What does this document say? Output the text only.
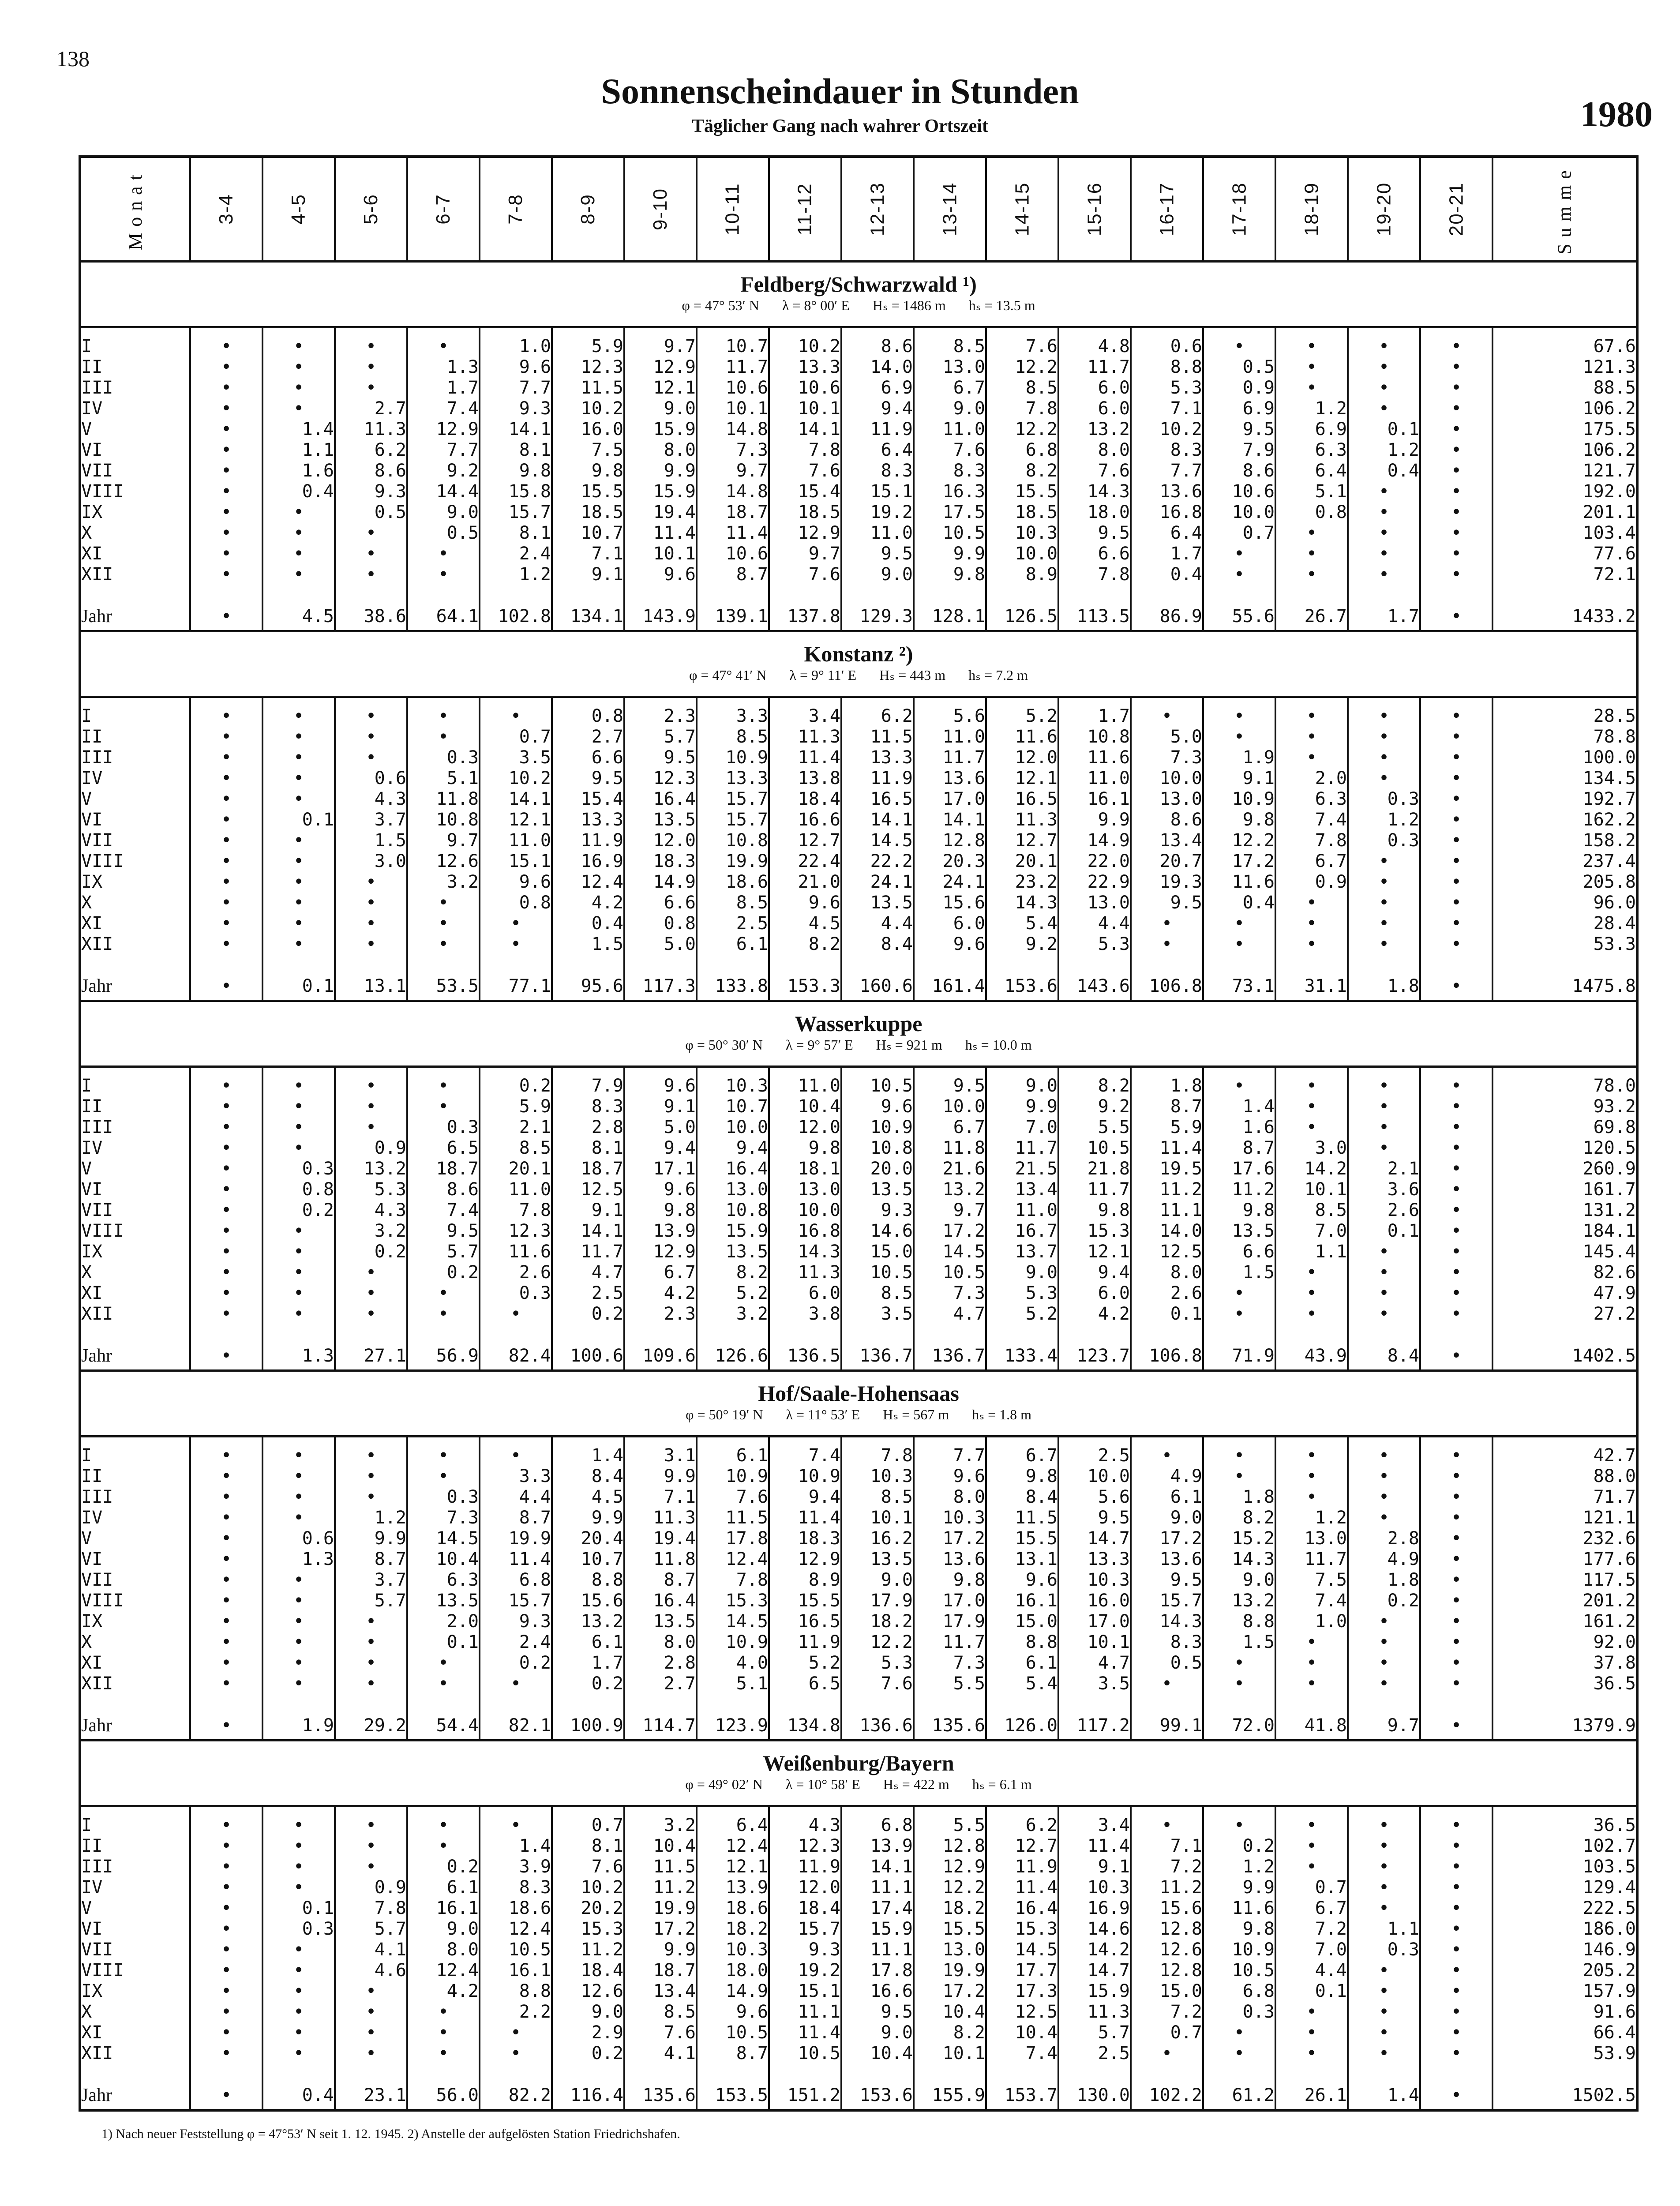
138
Sonnenscheindauer in Stunden
Täglicher Gang nach wahrer Ortszeit	1980
Monat	3-4	4-5	5-6	6-7	7-8	8-9	9-10	10-11	11-12	12-13	13-14	14-15	15-16	16-17	17-18	18-19	19-20	20-21	Summe
Feldberg/Schwarzwald ¹)																			
φ = 47° 53′ N λ = 8° 00′ E Hₛ = 1486 m hₛ = 13.5 m																			

I	•	•	•	•	1.0	5.9	9.7	10.7	10.2	8.6	8.5	7.6	4.8	0.6	•	•	•	•	67.6
II	•	•	•	1.3	9.6	12.3	12.9	11.7	13.3	14.0	13.0	12.2	11.7	8.8	0.5	•	•	•	121.3
III	•	•	•	1.7	7.7	11.5	12.1	10.6	10.6	6.9	6.7	8.5	6.0	5.3	0.9	•	•	•	88.5
IV	•	•	2.7	7.4	9.3	10.2	9.0	10.1	10.1	9.4	9.0	7.8	6.0	7.1	6.9	1.2	•	•	106.2
V	•	1.4	11.3	12.9	14.1	16.0	15.9	14.8	14.1	11.9	11.0	12.2	13.2	10.2	9.5	6.9	0.1	•	175.5
VI	•	1.1	6.2	7.7	8.1	7.5	8.0	7.3	7.8	6.4	7.6	6.8	8.0	8.3	7.9	6.3	1.2	•	106.2
VII	•	1.6	8.6	9.2	9.8	9.8	9.9	9.7	7.6	8.3	8.3	8.2	7.6	7.7	8.6	6.4	0.4	•	121.7
VIII	•	0.4	9.3	14.4	15.8	15.5	15.9	14.8	15.4	15.1	16.3	15.5	14.3	13.6	10.6	5.1	•	•	192.0
IX	•	•	0.5	9.0	15.7	18.5	19.4	18.7	18.5	19.2	17.5	18.5	18.0	16.8	10.0	0.8	•	•	201.1
X	•	•	•	0.5	8.1	10.7	11.4	11.4	12.9	11.0	10.5	10.3	9.5	6.4	0.7	•	•	•	103.4
XI	•	•	•	•	2.4	7.1	10.1	10.6	9.7	9.5	9.9	10.0	6.6	1.7	•	•	•	•	77.6
XII	•	•	•	•	1.2	9.1	9.6	8.7	7.6	9.0	9.8	8.9	7.8	0.4	•	•	•	•	72.1

Jahr	•	4.5	38.6	64.1	102.8	134.1	143.9	139.1	137.8	129.3	128.1	126.5	113.5	86.9	55.6	26.7	1.7	•	1433.2
Konstanz ²)																			
φ = 47° 41′ N λ = 9° 11′ E Hₛ = 443 m hₛ = 7.2 m																			

I	•	•	•	•	•	0.8	2.3	3.3	3.4	6.2	5.6	5.2	1.7	•	•	•	•	•	28.5
II	•	•	•	•	0.7	2.7	5.7	8.5	11.3	11.5	11.0	11.6	10.8	5.0	•	•	•	•	78.8
III	•	•	•	0.3	3.5	6.6	9.5	10.9	11.4	13.3	11.7	12.0	11.6	7.3	1.9	•	•	•	100.0
IV	•	•	0.6	5.1	10.2	9.5	12.3	13.3	13.8	11.9	13.6	12.1	11.0	10.0	9.1	2.0	•	•	134.5
V	•	•	4.3	11.8	14.1	15.4	16.4	15.7	18.4	16.5	17.0	16.5	16.1	13.0	10.9	6.3	0.3	•	192.7
VI	•	0.1	3.7	10.8	12.1	13.3	13.5	15.7	16.6	14.1	14.1	11.3	9.9	8.6	9.8	7.4	1.2	•	162.2
VII	•	•	1.5	9.7	11.0	11.9	12.0	10.8	12.7	14.5	12.8	12.7	14.9	13.4	12.2	7.8	0.3	•	158.2
VIII	•	•	3.0	12.6	15.1	16.9	18.3	19.9	22.4	22.2	20.3	20.1	22.0	20.7	17.2	6.7	•	•	237.4
IX	•	•	•	3.2	9.6	12.4	14.9	18.6	21.0	24.1	24.1	23.2	22.9	19.3	11.6	0.9	•	•	205.8
X	•	•	•	•	0.8	4.2	6.6	8.5	9.6	13.5	15.6	14.3	13.0	9.5	0.4	•	•	•	96.0
XI	•	•	•	•	•	0.4	0.8	2.5	4.5	4.4	6.0	5.4	4.4	•	•	•	•	•	28.4
XII	•	•	•	•	•	1.5	5.0	6.1	8.2	8.4	9.6	9.2	5.3	•	•	•	•	•	53.3

Jahr	•	0.1	13.1	53.5	77.1	95.6	117.3	133.8	153.3	160.6	161.4	153.6	143.6	106.8	73.1	31.1	1.8	•	1475.8
Wasserkuppe																			
φ = 50° 30′ N λ = 9° 57′ E Hₛ = 921 m hₛ = 10.0 m																			

I	•	•	•	•	0.2	7.9	9.6	10.3	11.0	10.5	9.5	9.0	8.2	1.8	•	•	•	•	78.0
II	•	•	•	•	5.9	8.3	9.1	10.7	10.4	9.6	10.0	9.9	9.2	8.7	1.4	•	•	•	93.2
III	•	•	•	0.3	2.1	2.8	5.0	10.0	12.0	10.9	6.7	7.0	5.5	5.9	1.6	•	•	•	69.8
IV	•	•	0.9	6.5	8.5	8.1	9.4	9.4	9.8	10.8	11.8	11.7	10.5	11.4	8.7	3.0	•	•	120.5
V	•	0.3	13.2	18.7	20.1	18.7	17.1	16.4	18.1	20.0	21.6	21.5	21.8	19.5	17.6	14.2	2.1	•	260.9
VI	•	0.8	5.3	8.6	11.0	12.5	9.6	13.0	13.0	13.5	13.2	13.4	11.7	11.2	11.2	10.1	3.6	•	161.7
VII	•	0.2	4.3	7.4	7.8	9.1	9.8	10.8	10.0	9.3	9.7	11.0	9.8	11.1	9.8	8.5	2.6	•	131.2
VIII	•	•	3.2	9.5	12.3	14.1	13.9	15.9	16.8	14.6	17.2	16.7	15.3	14.0	13.5	7.0	0.1	•	184.1
IX	•	•	0.2	5.7	11.6	11.7	12.9	13.5	14.3	15.0	14.5	13.7	12.1	12.5	6.6	1.1	•	•	145.4
X	•	•	•	0.2	2.6	4.7	6.7	8.2	11.3	10.5	10.5	9.0	9.4	8.0	1.5	•	•	•	82.6
XI	•	•	•	•	0.3	2.5	4.2	5.2	6.0	8.5	7.3	5.3	6.0	2.6	•	•	•	•	47.9
XII	•	•	•	•	•	0.2	2.3	3.2	3.8	3.5	4.7	5.2	4.2	0.1	•	•	•	•	27.2

Jahr	•	1.3	27.1	56.9	82.4	100.6	109.6	126.6	136.5	136.7	136.7	133.4	123.7	106.8	71.9	43.9	8.4	•	1402.5
Hof/Saale-Hohensaas																			
φ = 50° 19′ N λ = 11° 53′ E Hₛ = 567 m hₛ = 1.8 m																			

I	•	•	•	•	•	1.4	3.1	6.1	7.4	7.8	7.7	6.7	2.5	•	•	•	•	•	42.7
II	•	•	•	•	3.3	8.4	9.9	10.9	10.9	10.3	9.6	9.8	10.0	4.9	•	•	•	•	88.0
III	•	•	•	0.3	4.4	4.5	7.1	7.6	9.4	8.5	8.0	8.4	5.6	6.1	1.8	•	•	•	71.7
IV	•	•	1.2	7.3	8.7	9.9	11.3	11.5	11.4	10.1	10.3	11.5	9.5	9.0	8.2	1.2	•	•	121.1
V	•	0.6	9.9	14.5	19.9	20.4	19.4	17.8	18.3	16.2	17.2	15.5	14.7	17.2	15.2	13.0	2.8	•	232.6
VI	•	1.3	8.7	10.4	11.4	10.7	11.8	12.4	12.9	13.5	13.6	13.1	13.3	13.6	14.3	11.7	4.9	•	177.6
VII	•	•	3.7	6.3	6.8	8.8	8.7	7.8	8.9	9.0	9.8	9.6	10.3	9.5	9.0	7.5	1.8	•	117.5
VIII	•	•	5.7	13.5	15.7	15.6	16.4	15.3	15.5	17.9	17.0	16.1	16.0	15.7	13.2	7.4	0.2	•	201.2
IX	•	•	•	2.0	9.3	13.2	13.5	14.5	16.5	18.2	17.9	15.0	17.0	14.3	8.8	1.0	•	•	161.2
X	•	•	•	0.1	2.4	6.1	8.0	10.9	11.9	12.2	11.7	8.8	10.1	8.3	1.5	•	•	•	92.0
XI	•	•	•	•	0.2	1.7	2.8	4.0	5.2	5.3	7.3	6.1	4.7	0.5	•	•	•	•	37.8
XII	•	•	•	•	•	0.2	2.7	5.1	6.5	7.6	5.5	5.4	3.5	•	•	•	•	•	36.5

Jahr	•	1.9	29.2	54.4	82.1	100.9	114.7	123.9	134.8	136.6	135.6	126.0	117.2	99.1	72.0	41.8	9.7	•	1379.9
Weißenburg/Bayern																			
φ = 49° 02′ N λ = 10° 58′ E Hₛ = 422 m hₛ = 6.1 m																			

I	•	•	•	•	•	0.7	3.2	6.4	4.3	6.8	5.5	6.2	3.4	•	•	•	•	•	36.5
II	•	•	•	•	1.4	8.1	10.4	12.4	12.3	13.9	12.8	12.7	11.4	7.1	0.2	•	•	•	102.7
III	•	•	•	0.2	3.9	7.6	11.5	12.1	11.9	14.1	12.9	11.9	9.1	7.2	1.2	•	•	•	103.5
IV	•	•	0.9	6.1	8.3	10.2	11.2	13.9	12.0	11.1	12.2	11.4	10.3	11.2	9.9	0.7	•	•	129.4
V	•	0.1	7.8	16.1	18.6	20.2	19.9	18.6	18.4	17.4	18.2	16.4	16.9	15.6	11.6	6.7	•	•	222.5
VI	•	0.3	5.7	9.0	12.4	15.3	17.2	18.2	15.7	15.9	15.5	15.3	14.6	12.8	9.8	7.2	1.1	•	186.0
VII	•	•	4.1	8.0	10.5	11.2	9.9	10.3	9.3	11.1	13.0	14.5	14.2	12.6	10.9	7.0	0.3	•	146.9
VIII	•	•	4.6	12.4	16.1	18.4	18.7	18.0	19.2	17.8	19.9	17.7	14.7	12.8	10.5	4.4	•	•	205.2
IX	•	•	•	4.2	8.8	12.6	13.4	14.9	15.1	16.6	17.2	17.3	15.9	15.0	6.8	0.1	•	•	157.9
X	•	•	•	•	2.2	9.0	8.5	9.6	11.1	9.5	10.4	12.5	11.3	7.2	0.3	•	•	•	91.6
XI	•	•	•	•	•	2.9	7.6	10.5	11.4	9.0	8.2	10.4	5.7	0.7	•	•	•	•	66.4
XII	•	•	•	•	•	0.2	4.1	8.7	10.5	10.4	10.1	7.4	2.5	•	•	•	•	•	53.9

Jahr	•	0.4	23.1	56.0	82.2	116.4	135.6	153.5	151.2	153.6	155.9	153.7	130.0	102.2	61.2	26.1	1.4	•	1502.5
1) Nach neuer Feststellung φ = 47°53′ N seit 1. 12. 1945. 2) Anstelle der aufgelösten Station Friedrichshafen.
